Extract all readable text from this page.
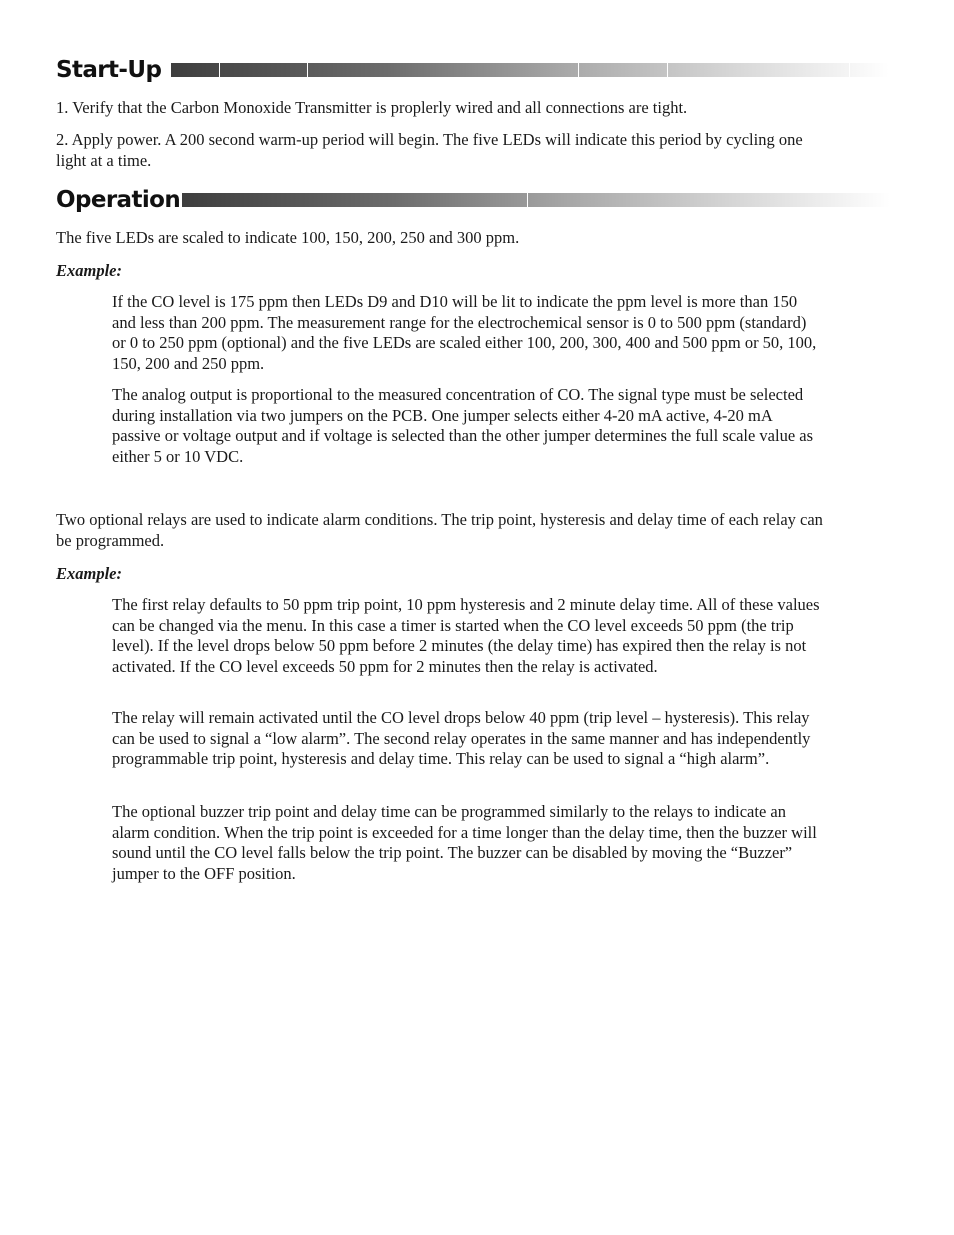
Start-Up

1. Verify that the Carbon Monoxide Transmitter is proplerly wired and all connections are tight.

2. Apply power. A 200 second warm-up period will begin. The five LEDs will indicate this period by cycling one light at a time.

Operation

The five LEDs are scaled to indicate 100, 150, 200, 250 and 300 ppm.

Example:

If the CO level is 175 ppm then LEDs D9 and D10 will be lit to indicate the ppm level is more than 150 and less than 200 ppm. The measurement range for the electrochemical sensor is 0 to 500 ppm (standard) or 0 to 250 ppm (optional) and the five LEDs are scaled either 100, 200, 300, 400 and 500 ppm or 50, 100, 150, 200 and 250 ppm.

The analog output is proportional to the measured concentration of CO. The signal type must be selected during installation via two jumpers on the PCB. One jumper selects either 4-20 mA active, 4-20 mA passive or voltage output and if voltage is selected than the other jumper determines the full scale value as either 5 or 10 VDC.

Two optional relays are used to indicate alarm conditions. The trip point, hysteresis and delay time of each relay can be programmed.

Example:

The first relay defaults to 50 ppm trip point, 10 ppm hysteresis and 2 minute delay time. All of these values can be changed via the menu. In this case a timer is started when the CO level exceeds 50 ppm (the trip level). If the level drops below 50 ppm before 2 minutes (the delay time) has expired then the relay is not activated. If the CO level exceeds 50 ppm for 2 minutes then the relay is activated.

The relay will remain activated until the CO level drops below 40 ppm (trip level – hysteresis). This relay can be used to signal a “low alarm”. The second relay operates in the same manner and has independently programmable trip point, hysteresis and delay time. This relay can be used to signal a “high alarm”.

The optional buzzer trip point and delay time can be programmed similarly to the relays to indicate an alarm condition. When the trip point is exceeded for a time longer than the delay time, then the buzzer will sound until the CO level falls below the trip point. The buzzer can be disabled by moving the “Buzzer” jumper to the OFF position.
